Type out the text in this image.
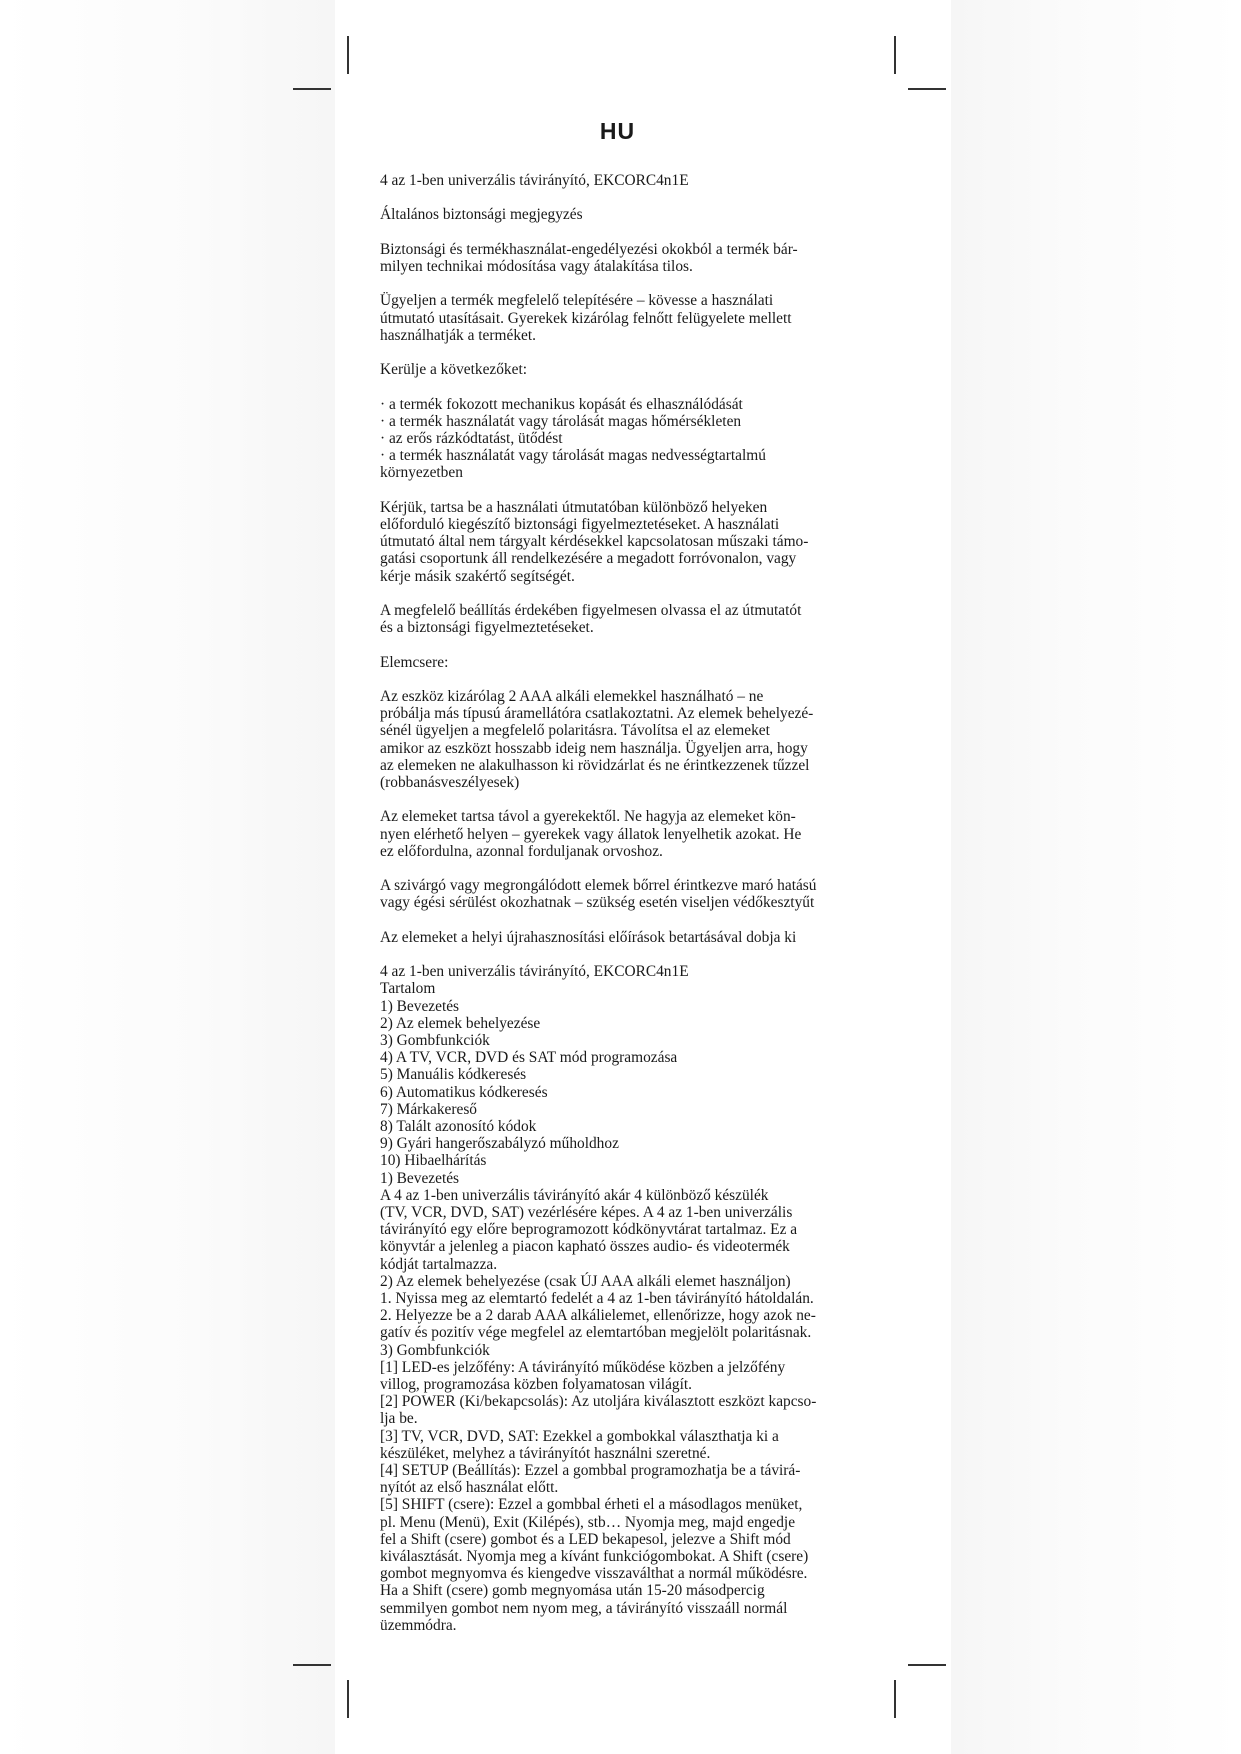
HU
4 az 1-ben univerzális távirányító, EKCORC4n1E
Általános biztonsági megjegyzés
Biztonsági és termékhasználat-engedélyezési okokból a termék bár-
milyen technikai módosítása vagy átalakítása tilos.
Ügyeljen a termék megfelelő telepítésére – kövesse a használati
útmutató utasításait. Gyerekek kizárólag felnőtt felügyelete mellett
használhatják a terméket.
Kerülje a következőket:
· a termék fokozott mechanikus kopását és elhasználódását
· a termék használatát vagy tárolását magas hőmérsékleten
· az erős rázkódtatást, ütődést
· a termék használatát vagy tárolását magas nedvességtartalmú
környezetben
Kérjük, tartsa be a használati útmutatóban különböző helyeken
előforduló kiegészítő biztonsági figyelmeztetéseket. A használati
útmutató által nem tárgyalt kérdésekkel kapcsolatosan műszaki támo-
gatási csoportunk áll rendelkezésére a megadott forróvonalon, vagy
kérje másik szakértő segítségét.
A megfelelő beállítás érdekében figyelmesen olvassa el az útmutatót
és a biztonsági figyelmeztetéseket.
Elemcsere:
Az eszköz kizárólag 2 AAA alkáli elemekkel használható – ne
próbálja más típusú áramellátóra csatlakoztatni. Az elemek behelyezé-
sénél ügyeljen a megfelelő polaritásra. Távolítsa el az elemeket
amikor az eszközt hosszabb ideig nem használja. Ügyeljen arra, hogy
az elemeken ne alakulhasson ki rövidzárlat és ne érintkezzenek tűzzel
(robbanásveszélyesek)
Az elemeket tartsa távol a gyerekektől. Ne hagyja az elemeket kön-
nyen elérhető helyen – gyerekek vagy állatok lenyelhetik azokat. He
ez előfordulna, azonnal forduljanak orvoshoz.
A szivárgó vagy megrongálódott elemek bőrrel érintkezve maró hatású
vagy égési sérülést okozhatnak – szükség esetén viseljen védőkesztyűt
Az elemeket a helyi újrahasznosítási előírások betartásával dobja ki
4 az 1-ben univerzális távirányító, EKCORC4n1E
Tartalom
1) Bevezetés
2) Az elemek behelyezése
3) Gombfunkciók
4) A TV, VCR, DVD és SAT mód programozása
5) Manuális kódkeresés
6) Automatikus kódkeresés
7) Márkakereső
8) Talált azonosító kódok
9) Gyári hangerőszabályzó műholdhoz
10) Hibaelhárítás
1) Bevezetés
A 4 az 1-ben univerzális távirányító akár 4 különböző készülék
(TV, VCR, DVD, SAT) vezérlésére képes. A 4 az 1-ben univerzális
távirányító egy előre beprogramozott kódkönyvtárat tartalmaz. Ez a
könyvtár a jelenleg a piacon kapható összes audio- és videotermék
kódját tartalmazza.
2) Az elemek behelyezése (csak ÚJ AAA alkáli elemet használjon)
1. Nyissa meg az elemtartó fedelét a 4 az 1-ben távirányító hátoldalán.
2. Helyezze be a 2 darab AAA alkálielemet, ellenőrizze, hogy azok ne-
gatív és pozitív vége megfelel az elemtartóban megjelölt polaritásnak.
3) Gombfunkciók
[1] LED-es jelzőfény: A távirányító működése közben a jelzőfény
villog, programozása közben folyamatosan világít.
[2] POWER (Ki/bekapcsolás): Az utoljára kiválasztott eszközt kapcso-
lja be.
[3] TV, VCR, DVD, SAT: Ezekkel a gombokkal választhatja ki a
készüléket, melyhez a távirányítót használni szeretné.
[4] SETUP (Beállítás): Ezzel a gombbal programozhatja be a távirá-
nyítót az első használat előtt.
[5] SHIFT (csere): Ezzel a gombbal érheti el a másodlagos menüket,
pl. Menu (Menü), Exit (Kilépés), stb… Nyomja meg, majd engedje
fel a Shift (csere) gombot és a LED bekapesol, jelezve a Shift mód
kiválasztását. Nyomja meg a kívánt funkciógombokat. A Shift (csere)
gombot megnyomva és kiengedve visszaválthat a normál működésre.
Ha a Shift (csere) gomb megnyomása után 15-20 másodpercig
semmilyen gombot nem nyom meg, a távirányító visszaáll normál
üzemmódra.
